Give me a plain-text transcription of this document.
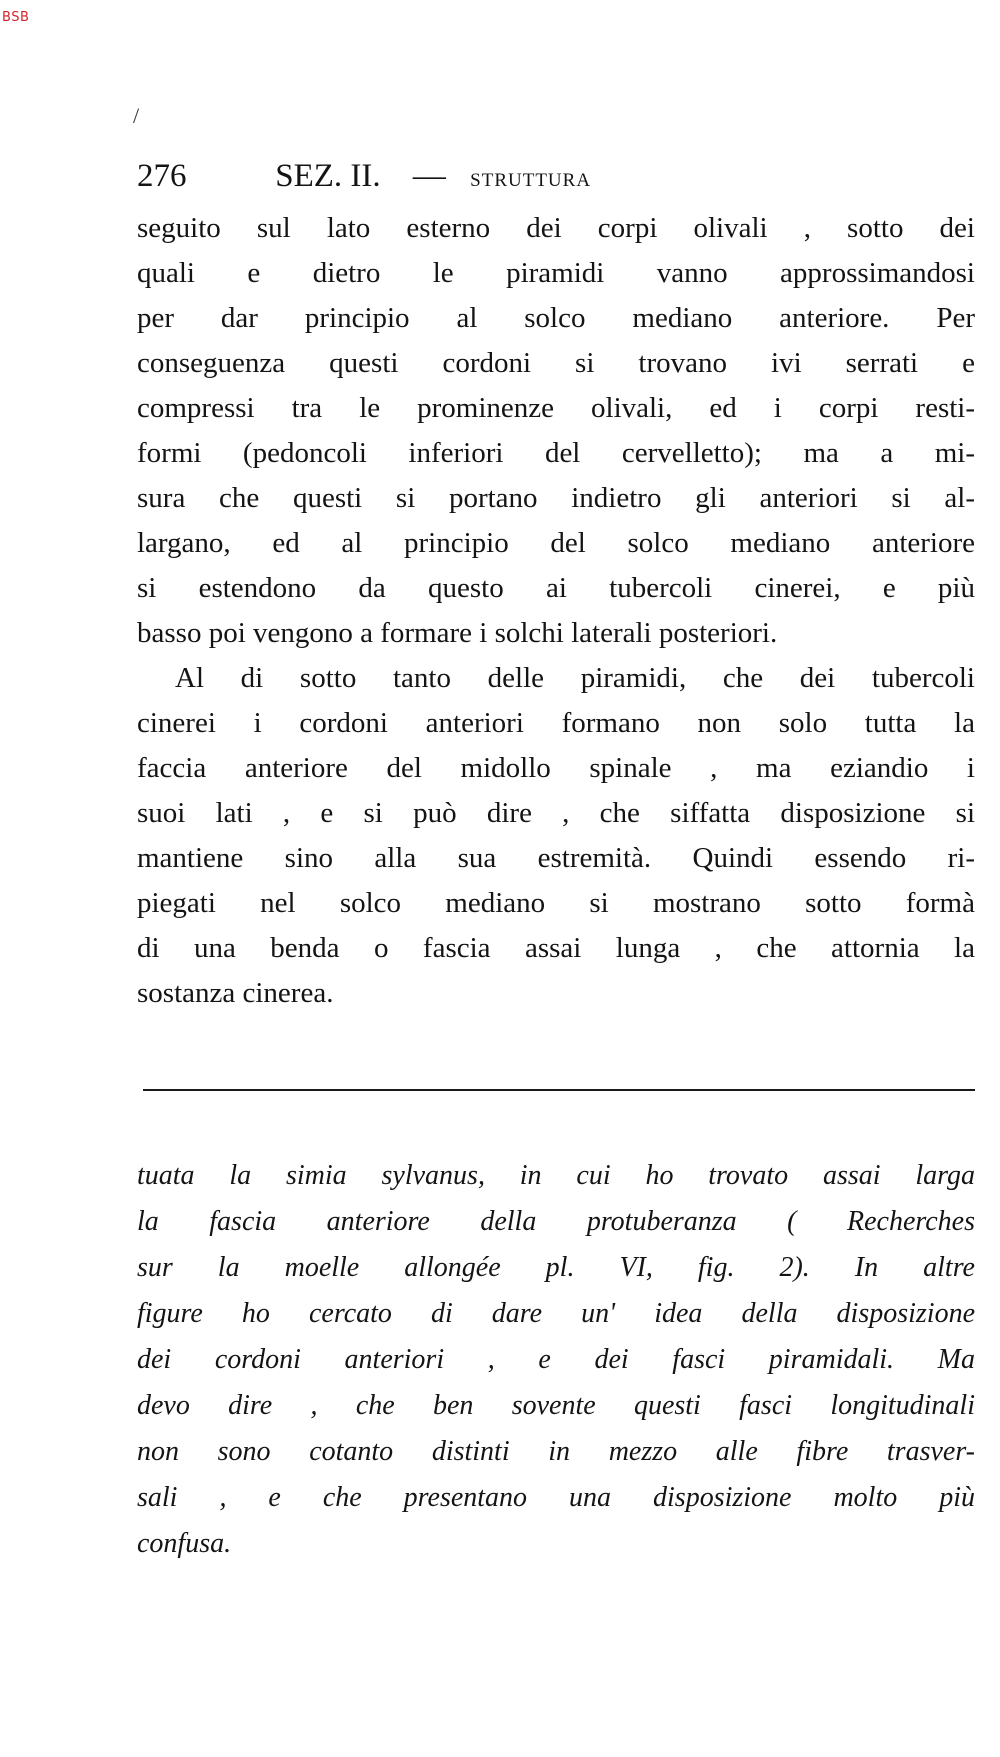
BSB
/
276	SEZ. II. — STRUTTURA
seguito sul lato esterno dei corpi olivali , sotto dei
quali e dietro le piramidi vanno approssimandosi
per dar principio al solco mediano anteriore. Per
conseguenza questi cordoni si trovano ivi serrati e
compressi tra le prominenze olivali, ed i corpi resti-
formi (pedoncoli inferiori del cervelletto); ma a mi-
sura che questi si portano indietro gli anteriori si al-
largano, ed al principio del solco mediano anteriore
si estendono da questo ai tubercoli cinerei, e più
basso poi vengono a formare i solchi laterali posteriori.
Al di sotto tanto delle piramidi, che dei tubercoli
cinerei i cordoni anteriori formano non solo tutta la
faccia anteriore del midollo spinale , ma eziandio i
suoi lati , e si può dire , che siffatta disposizione si
mantiene sino alla sua estremità. Quindi essendo ri-
piegati nel solco mediano si mostrano sotto formà
di una benda o fascia assai lunga , che attornia la
sostanza cinerea.
tuata la simia sylvanus, in cui ho trovato assai larga
la fascia anteriore della protuberanza ( Recherches
sur la moelle allongée pl. VI, fig. 2). In altre
figure ho cercato di dare un' idea della disposizione
dei cordoni anteriori , e dei fasci piramidali. Ma
devo dire , che ben sovente questi fasci longitudinali
non sono cotanto distinti in mezzo alle fibre trasver-
sali , e che presentano una disposizione molto più
confusa.
